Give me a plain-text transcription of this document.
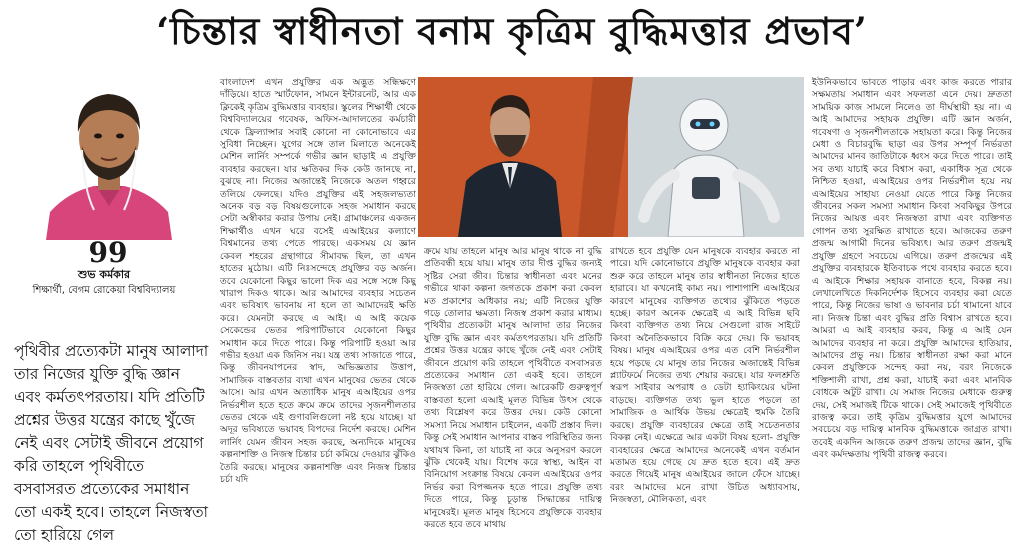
‘চিন্তার স্বাধীনতা বনাম কৃত্রিম বুদ্ধিমত্তার প্রভাব’
99
শুভ কর্মকার
শিক্ষার্থী, বেগম রোকেয়া বিশ্ববিদ্যালয়
পৃথিবীর প্রত্যেকটা মানুষ আলাদা তার নিজের যুক্তি বুদ্ধি জ্ঞান এবং কর্মতৎপরতায়। যদি প্রতিটি প্রশ্নের উত্তর যন্ত্রের কাছে খুঁজে নেই এবং সেটাই জীবনে প্রয়োগ করি তাহলে পৃথিবীতে বসবাসরত প্রত্যেকের সমাধান তো একই হবে। তাহলে নিজস্বতা তো হারিয়ে গেল

বাংলাদেশ এখন প্রযুক্তির এক অদ্ভুত সন্ধিক্ষণে দাঁড়িয়ে। হাতে স্মার্টফোন, সামনে ইন্টারনেট, আর এক ক্লিকেই কৃত্রিম বুদ্ধিমত্তার ব্যবহার। স্কুলের শিক্ষার্থী থেকে বিশ্ববিদ্যালয়ের গবেষক, অফিস-আদালতের কর্মচারী থেকে ফ্রিল্যান্সার সবাই কোনো না কোনোভাবে এর সুবিধা নিচ্ছেন। যুগের সঙ্গে তাল মিলাতে অনেকেই মেশিন লার্নিং সম্পর্কে গভীর জ্ঞান ছাড়াই এ প্রযুক্তি ব্যবহার করছেন। যার ক্ষতিকর দিক কেউ জানছে না, বুঝছে না। নিজের অজান্তেই নিজেকে অতল গহ্বরে তলিয়ে ফেলছে। যদিও প্রযুক্তির এই সহজলভ্যতা অনেক বড় বড় বিষয়গুলোকে সহজ সমাধান করছে সেটা অস্বীকার করার উপায় নেই। গ্রামাঞ্চলের একজন শিক্ষার্থীও এখন ঘরে বসেই এআইয়ের কল্যাণে বিশ্বমানের তথ্য পেতে পারছে। একসময় যে জ্ঞান কেবল শহরের গ্রন্থাগারে সীমাবদ্ধ ছিল, তা এখন হাতের মুঠোয়। এটি নিঃসন্দেহে প্রযুক্তির বড় অর্জন। তবে যেকোনো কিছুর ভালো দিক এর সঙ্গে সঙ্গে কিছু খারাপ দিকও থাকে। আর আমাদের ব্যবহার সচেতন এবং ভবিষ্যৎ ভাবনায় না হলে তা আমাদেরই ক্ষতি করে। যেমনটা করছে এ আই। এ আই কয়েক সেকেন্ডের ভেতর পরিপাটিভাবে যেকোনো কিছুর সমাধান করে দিতে পারে। কিন্তু পরিপাটি হওয়া আর গভীর হওয়া এক জিনিস নয়। যন্ত্র তথ্য সাজাতে পারে, কিন্তু জীবনযাপনের স্বাদ, অভিজ্ঞতার উত্তাপ, সামাজিক বাস্তবতার ব্যথা এখন মানুষের ভেতর থেকে আসে। আর এখন অত্যাধিক মানুষ এআইয়ের ওপর নির্ভরশীল হতে হতে ক্রমে ক্রমে তাদের সৃজনশীলতার ভেতর থেকে এই গুণাবলিগুলো নষ্ট হয়ে যাচ্ছে। যা অদূর ভবিষ্যতে ভয়াবহ বিপদের নির্দেশ করছে। মেশিন লার্নিং যেমন জীবন সহজ করছে, অন্যদিকে মানুষের কল্পনাশক্তি ও নিজস্ব চিন্তার চর্চা কমিয়ে দেওয়ার ঝুঁকিও তৈরি করছে। মানুষের কল্পনাশক্তি এবং নিজস্ব চিন্তার চর্চা যদি

ক্রমে যায় তাহলে মানুষ আর মানুষ থাকে না বুদ্ধি প্রতিবন্ধী হয়ে যায়। মানুষ তার দীপ্ত বুদ্ধির জন্যই সৃষ্টির সেরা জীব। চিন্তার স্বাধীনতা এবং মনের গভীরে থাকা কল্পনা জগতকে প্রকাশ করা কেবল মত প্রকাশের অধিকার নয়; এটি নিজের যুক্তি গড়ে তোলার ক্ষমতা। নিজস্ব প্রকাশ করার মাধ্যম। পৃথিবীর প্রত্যেকটা মানুষ আলাদা তার নিজের যুক্তি বুদ্ধি জ্ঞান এবং কর্মতৎপরতায়। যদি প্রতিটি প্রশ্নের উত্তর যন্ত্রের কাছে খুঁজে নেই এবং সেটাই জীবনে প্রয়োগ করি তাহলে পৃথিবীতে বসবাসরত প্রত্যেকের সমাধান তো একই হবে। তাহলে নিজস্বতা তো হারিয়ে গেল। আরেকটি গুরুত্বপূর্ণ বাস্তবতা হলো এআই মূলত বিভিন্ন উৎস থেকে তথ্য বিশ্লেষণ করে উত্তর দেয়। কেউ কোনো সমস্যা নিয়ে সমাধান চাইলেন, একটি প্রস্তাব দিল। কিন্তু সেই সমাধান আপনার বাস্তব পরিস্থিতির জন্য যথাযথ কিনা, তা যাচাই না করে অনুসরণ করলে ঝুঁকি থেকেই যায়। বিশেষ করে স্বাস্থ্য, আইন বা বিনিয়োগ সংক্রান্ত বিষয়ে কেবল এআইয়ের ওপর নির্ভর করা বিপজ্জনক হতে পারে। প্রযুক্তি তথ্য দিতে পারে, কিন্তু চূড়ান্ত সিদ্ধান্তের দায়িত্ব মানুষেরই। মূলত মানুষ হিসেবে প্রযুক্তিকে ব্যবহার করতে হবে তবে মাথায়

রাখতে হবে প্রযুক্তি যেন মানুষকে ব্যবহার করতে না পারে। যদি কোনোভাবে প্রযুক্তি মানুষকে ব্যবহার করা শুরু করে তাহলে মানুষ তার স্বাধীনতা নিজের হাতে হারাবে। যা কখনোই কাম্য নয়। পাশাপাশি এআইয়ের কারণে মানুষের ব্যক্তিগত তথ্যের ঝুঁকিতে পড়তে হচ্ছে। কারণ অনেক ক্ষেত্রেই এ আই বিভিন্ন ছবি কিংবা ব্যক্তিগত তথ্য নিয়ে সেগুলো রাজ সাইটে কিংবা অনৈতিকভাবে বিক্রি করে দেয়। কি ভয়াবহ বিষয়। মানুষ এআইয়ের ওপর এত বেশি নির্ভরশীল হয়ে পড়ছে যে মানুষ তার নিজের অজান্তেই বিভিন্ন প্ল্যাটফর্মে নিজের তথ্য শেয়ার করছে। যার ফলশ্রুতি স্বরূপ সাইবার অপরাধ ও ডেটা হ্যাকিংয়ের ঘটনা বাড়ছে। ব্যক্তিগত তথ্য ভুল হাতে পড়লে তা সামাজিক ও আর্থিক উভয় ক্ষেত্রেই হুমকি তৈরি করছে। প্রযুক্তি ব্যবহারের ক্ষেত্রে তাই সচেতনতার বিকল্প নেই। এক্ষেত্রে আর একটা বিষয় হলো- প্রযুক্তি ব্যবহারের ক্ষেত্রে আমাদের অনেকেই এখন বর্তমান মতামত হয়ে গেছে যে দ্রুত হতে হবে। এই দ্রুত করতে গিয়েই মানুষ এআইয়ের জালে ফেঁসে যাচ্ছে। বরং আমাদের মনে রাখা উচিত অধ্যাবসায়, নিজস্বতা, মৌলিকতা, এবং

ইউনিকভাবে ভাবতে পাড়ার এবং কাজ করতে পারার সক্ষমতায় সমাধান এবং সফলতা এনে দেয়। দ্রুততা সাময়িক কাজ সামলে নিলেও তা দীর্ঘস্থায়ী হয় না। এ আই আমাদের সহায়ক প্রযুক্তি। এটি জ্ঞান অর্জন, গবেষণা ও সৃজনশীলতাকে সহায়তা করে। কিন্তু নিজের মেধা ও বিচারবুদ্ধি ছাড়া এর উপর সম্পূর্ণ নির্ভরতা আমাদের মানব জাতিটাকে ধ্বংস করে দিতে পারে। তাই সব তথ্য যাচাই করে বিশ্বাস করা, একাধিক সূত্র থেকে নিশ্চিত হওয়া, এআইয়ের ওপর নির্ভরশীল হয়ে নয় এআইয়ের সাহায্য নেওয়া যেতে পারে কিন্তু নিজের জীবনের সকল সমস্যা সমাধান কিংবা সবকিছুর উপরে নিজের আয়ত্ত এবং নিজস্বতা রাখা এবং ব্যক্তিগত গোপন তথ্য সুরক্ষিত রাখাতে হবে। আজকের তরুণ প্রজন্ম আগামী দিনের ভবিষ্যৎ। আর তরুণ প্রজন্মই প্রযুক্তি গ্রহণে সবচেয়ে এগিয়ে। তরুণ প্রজন্মের এই প্রযুক্তির ব্যবহারকে ইতিবাচক পথে ব্যবহার করতে হবে। এ আইকে শিক্ষার সহায়ক বানাতে হবে, বিকল্প নয়। লেখালেখিতে দিকনির্দেশক হিসেবে ব্যবহার করা যেতে পারে, কিন্তু নিজের ভাষা ও ভাবনার চর্চা থামানো যাবে না। নিজস্ব চিন্তা এবং বুদ্ধির প্রতি বিশ্বাস রাখতে হবে। আমরা এ আই ব্যবহার করব, কিন্তু এ আই যেন আমাদের ব্যবহার না করে। প্রযুক্তি আমাদের হাতিয়ার, আমাদের প্রভু নয়। চিন্তার স্বাধীনতা রক্ষা করা মানে কেবল প্রযুক্তিকে সন্দেহ করা নয়, বরং নিজেকে শক্তিশালী রাখা, প্রশ্ন করা, যাচাই করা এবং মানবিক বোধকে অটুট রাখা। যে সমাজ নিজের মেধাকে গুরুত্ব দেয়, সেই সমাজই টিকে থাকে। সেই সমাজেই পৃথিবীতে রাজত্ব করে। তাই কৃত্রিম বুদ্ধিমত্তার যুগে আমাদের সবচেয়ে বড় দায়িত্ব মানবিক বুদ্ধিমত্তাকে জাগ্রত রাখা। তবেই একদিন আজকে তরুণ প্রজন্ম তাদের জ্ঞান, বুদ্ধি এবং কর্মদক্ষতায় পৃথিবী রাজত্ব করবে।
